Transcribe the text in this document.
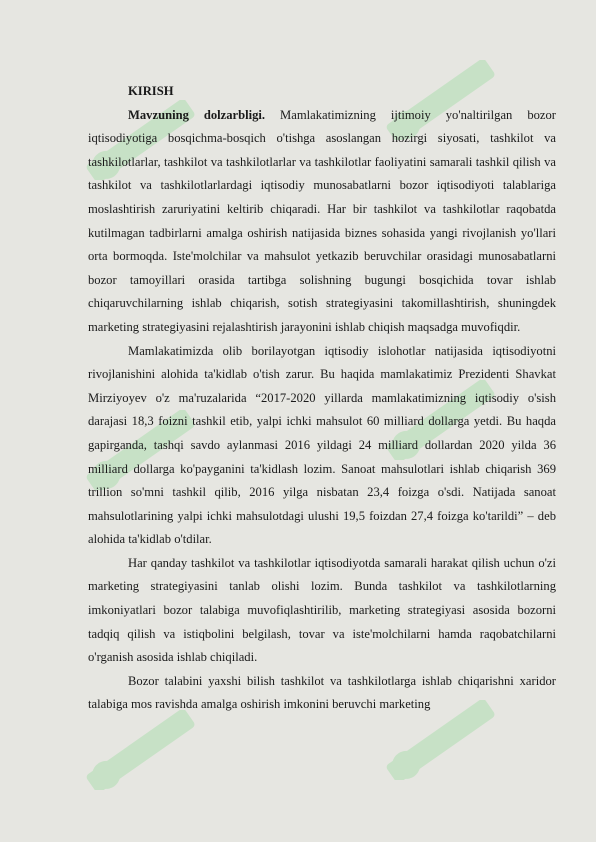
KIRISH

Mavzuning dolzarbligi. Mamlakatimizning ijtimoiy yo'naltirilgan bozor iqtisodiyotiga bosqichma-bosqich o'tishga asoslangan hozirgi siyosati, tashkilot va tashkilotlarlar, tashkilot va tashkilotlarlar va tashkilotlar faoliyatini samarali tashkil qilish va tashkilot va tashkilotlarlardagi iqtisodiy munosabatlarni bozor iqtisodiyoti talablariga moslashtirish zaruriyatini keltirib chiqaradi. Har bir tashkilot va tashkilotlar raqobatda kutilmagan tadbirlarni amalga oshirish natijasida biznes sohasida yangi rivojlanish yo'llari orta bormoqda. Iste'molchilar va mahsulot yetkazib beruvchilar orasidagi munosabatlarni bozor tamoyillari orasida tartibga solishning bugungi bosqichida tovar ishlab chiqaruvchilarning ishlab chiqarish, sotish strategiyasini takomillashtirish, shuningdek marketing strategiyasini rejalashtirish jarayonini ishlab chiqish maqsadga muvofiqdir.

Mamlakatimizda olib borilayotgan iqtisodiy islohotlar natijasida iqtisodiyotni rivojlanishini alohida ta'kidlab o'tish zarur. Bu haqida mamlakatimiz Prezidenti Shavkat Mirziyoyev o'z ma'ruzalarida “2017-2020 yillarda mamlakatimizning iqtisodiy o'sish darajasi 18,3 foizni tashkil etib, yalpi ichki mahsulot 60 milliard dollarga yetdi. Bu haqda gapirganda, tashqi savdo aylanmasi 2016 yildagi 24 milliard dollardan 2020 yilda 36 milliard dollarga ko'payganini ta'kidlash lozim. Sanoat mahsulotlari ishlab chiqarish 369 trillion so'mni tashkil qilib, 2016 yilga nisbatan 23,4 foizga o'sdi. Natijada sanoat mahsulotlarining yalpi ichki mahsulotdagi ulushi 19,5 foizdan 27,4 foizga ko'tarildi” – deb alohida ta'kidlab o'tdilar.

Har qanday tashkilot va tashkilotlar iqtisodiyotda samarali harakat qilish uchun o'zi marketing strategiyasini tanlab olishi lozim. Bunda tashkilot va tashkilotlarning imkoniyatlari bozor talabiga muvofiqlashtirilib, marketing strategiyasi asosida bozorni tadqiq qilish va istiqbolini belgilash, tovar va iste'molchilarni hamda raqobatchilarni o'rganish asosida ishlab chiqiladi.

Bozor talabini yaxshi bilish tashkilot va tashkilotlarga ishlab chiqarishni xaridor talabiga mos ravishda amalga oshirish imkonini beruvchi marketing
